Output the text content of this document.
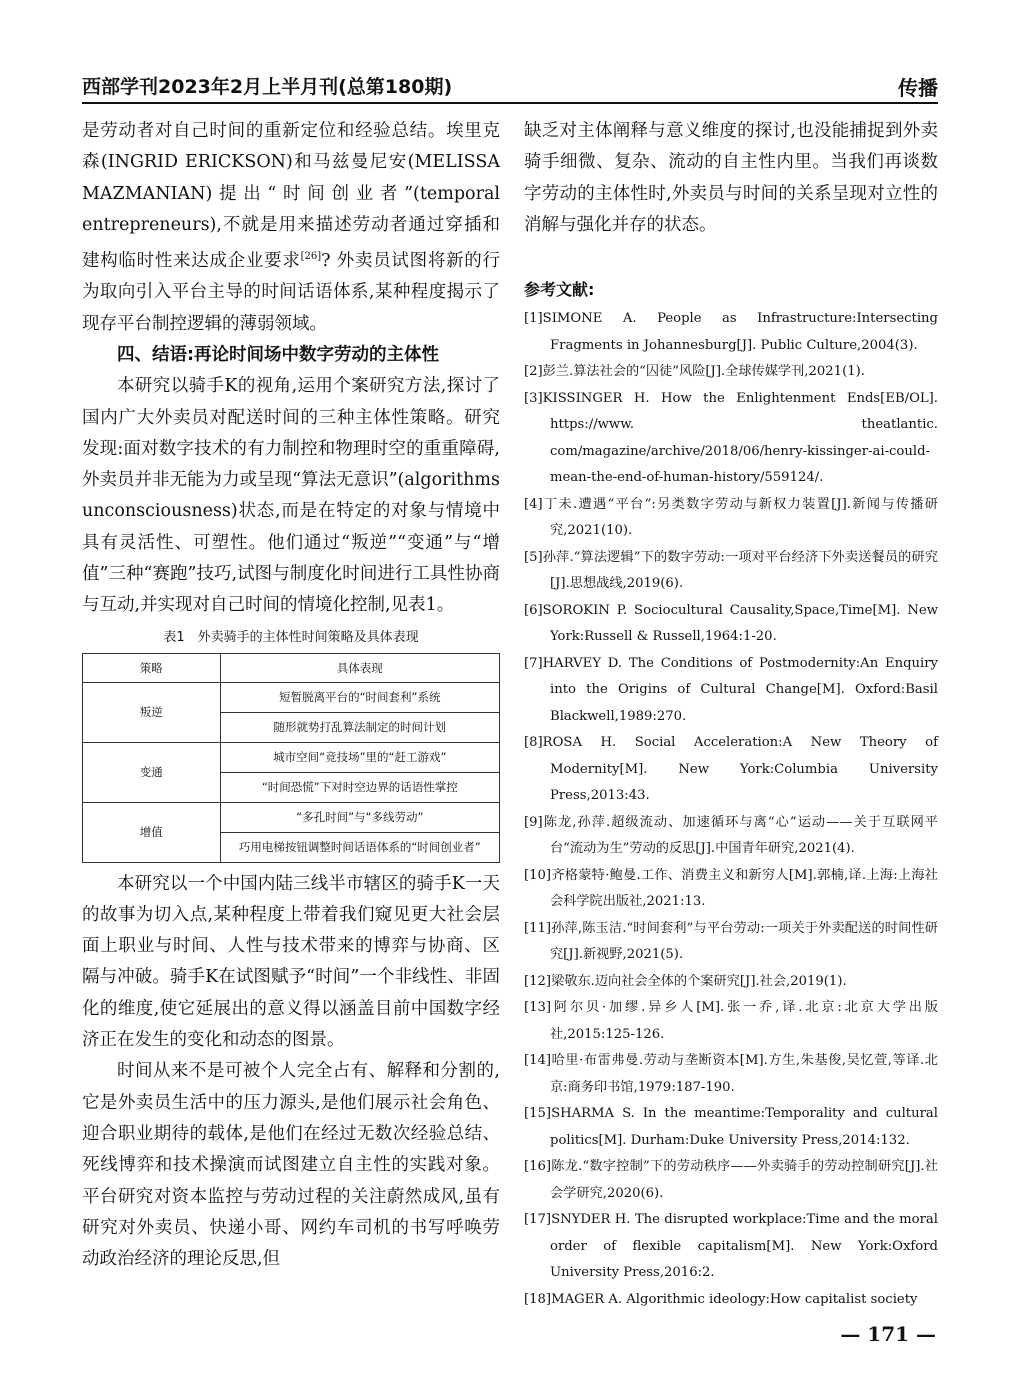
西部学刊2023年2月上半月刊(总第180期)	传播

是劳动者对自己时间的重新定位和经验总结。埃里克森(INGRID ERICKSON)和马兹曼尼安(MELISSA MAZMANIAN)提出“时间创业者”(temporal entrepreneurs),不就是用来描述劳动者通过穿插和建构临时性来达成企业要求[26]? 外卖员试图将新的行为取向引入平台主导的时间话语体系,某种程度揭示了现存平台制控逻辑的薄弱领域。

四、结语:再论时间场中数字劳动的主体性

本研究以骑手K的视角,运用个案研究方法,探讨了国内广大外卖员对配送时间的三种主体性策略。研究发现:面对数字技术的有力制控和物理时空的重重障碍,外卖员并非无能为力或呈现“算法无意识”(algorithms unconsciousness)状态,而是在特定的对象与情境中具有灵活性、可塑性。他们通过“叛逆”“变通”与“增值”三种“赛跑”技巧,试图与制度化时间进行工具性协商与互动,并实现对自己时间的情境化控制,见表1。

表1　外卖骑手的主体性时间策略及具体表现
策略	具体表现
叛逆	短暂脱离平台的“时间套利”系统
	随形就势打乱算法制定的时间计划
变通	城市空间“竞技场”里的“赶工游戏”
	“时间恐慌”下对时空边界的话语性掌控
增值	“多孔时间”与“多线劳动”
	巧用电梯按钮调整时间话语体系的“时间创业者”

本研究以一个中国内陆三线半市辖区的骑手K一天的故事为切入点,某种程度上带着我们窥见更大社会层面上职业与时间、人性与技术带来的博弈与协商、区隔与冲破。骑手K在试图赋予“时间”一个非线性、非固化的维度,使它延展出的意义得以涵盖目前中国数字经济正在发生的变化和动态的图景。

时间从来不是可被个人完全占有、解释和分割的,它是外卖员生活中的压力源头,是他们展示社会角色、迎合职业期待的载体,是他们在经过无数次经验总结、死线博弈和技术操演而试图建立自主性的实践对象。平台研究对资本监控与劳动过程的关注蔚然成风,虽有研究对外卖员、快递小哥、网约车司机的书写呼唤劳动政治经济的理论反思,但

缺乏对主体阐释与意义维度的探讨,也没能捕捉到外卖骑手细微、复杂、流动的自主性内里。当我们再谈数字劳动的主体性时,外卖员与时间的关系呈现对立性的消解与强化并存的状态。

参考文献:

[1]SIMONE A. People as Infrastructure:Intersecting Fragments in Johannesburg[J]. Public Culture,2004(3).

[2]彭兰.算法社会的“囚徒”风险[J].全球传媒学刊,2021(1).

[3]KISSINGER H. How the Enlightenment Ends[EB/OL]. https://www. theatlantic. com/magazine/archive/2018/06/henry-kissinger-ai-could-mean-the-end-of-human-history/559124/.

[4]丁未.遭遇“平台”:另类数字劳动与新权力装置[J].新闻与传播研究,2021(10).

[5]孙萍.“算法逻辑”下的数字劳动:一项对平台经济下外卖送餐员的研究[J].思想战线,2019(6).

[6]SOROKIN P. Sociocultural Causality,Space,Time[M]. New York:Russell & Russell,1964:1-20.

[7]HARVEY D. The Conditions of Postmodernity:An Enquiry into the Origins of Cultural Change[M]. Oxford:Basil Blackwell,1989:270.

[8]ROSA H. Social Acceleration:A New Theory of Modernity[M]. New York:Columbia University Press,2013:43.

[9]陈龙,孙萍.超级流动、加速循环与离“心”运动——关于互联网平台“流动为生”劳动的反思[J].中国青年研究,2021(4).

[10]齐格蒙特·鲍曼.工作、消费主义和新穷人[M].郭楠,译.上海:上海社会科学院出版社,2021:13.

[11]孙萍,陈玉洁.“时间套利”与平台劳动:一项关于外卖配送的时间性研究[J].新视野,2021(5).

[12]梁敬东.迈向社会全体的个案研究[J].社会,2019(1).

[13]阿尔贝·加缪.异乡人[M].张一乔,译.北京:北京大学出版社,2015:125-126.

[14]哈里·布雷弗曼.劳动与垄断资本[M].方生,朱基俊,吴忆萱,等译.北京:商务印书馆,1979:187-190.

[15]SHARMA S. In the meantime:Temporality and cultural politics[M]. Durham:Duke University Press,2014:132.

[16]陈龙.“数字控制”下的劳动秩序——外卖骑手的劳动控制研究[J].社会学研究,2020(6).

[17]SNYDER H. The disrupted workplace:Time and the moral order of flexible capitalism[M]. New York:Oxford University Press,2016:2.

[18]MAGER A. Algorithmic ideology:How capitalist society

— 171 —
